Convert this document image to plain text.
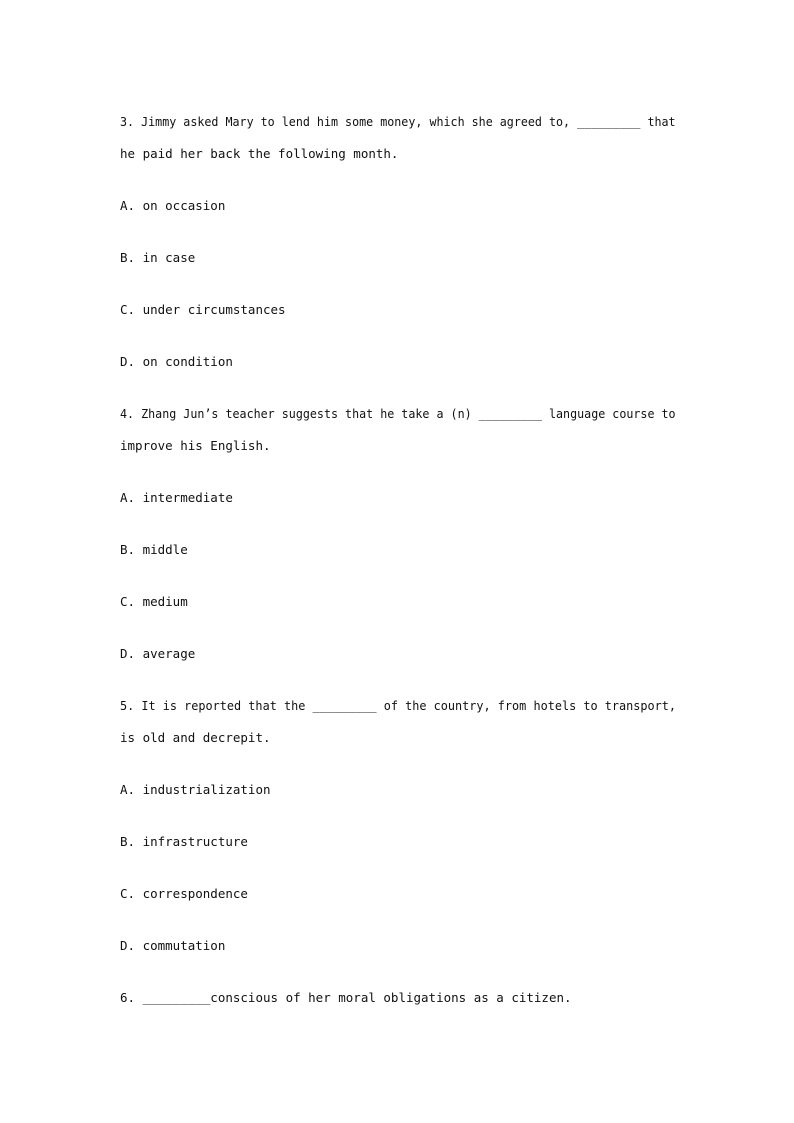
3. Jimmy asked Mary to lend him some money, which she agreed to, _________ that
he paid her back the following month.
A. on occasion
B. in case
C. under circumstances
D. on condition
4. Zhang Jun’s teacher suggests that he take a (n) _________ language course to
improve his English.
A. intermediate
B. middle
C. medium
D. average
5. It is reported that the _________ of the country, from hotels to transport,
is old and decrepit.
A. industrialization
B. infrastructure
C. correspondence
D. commutation
6. _________conscious of her moral obligations as a citizen.
